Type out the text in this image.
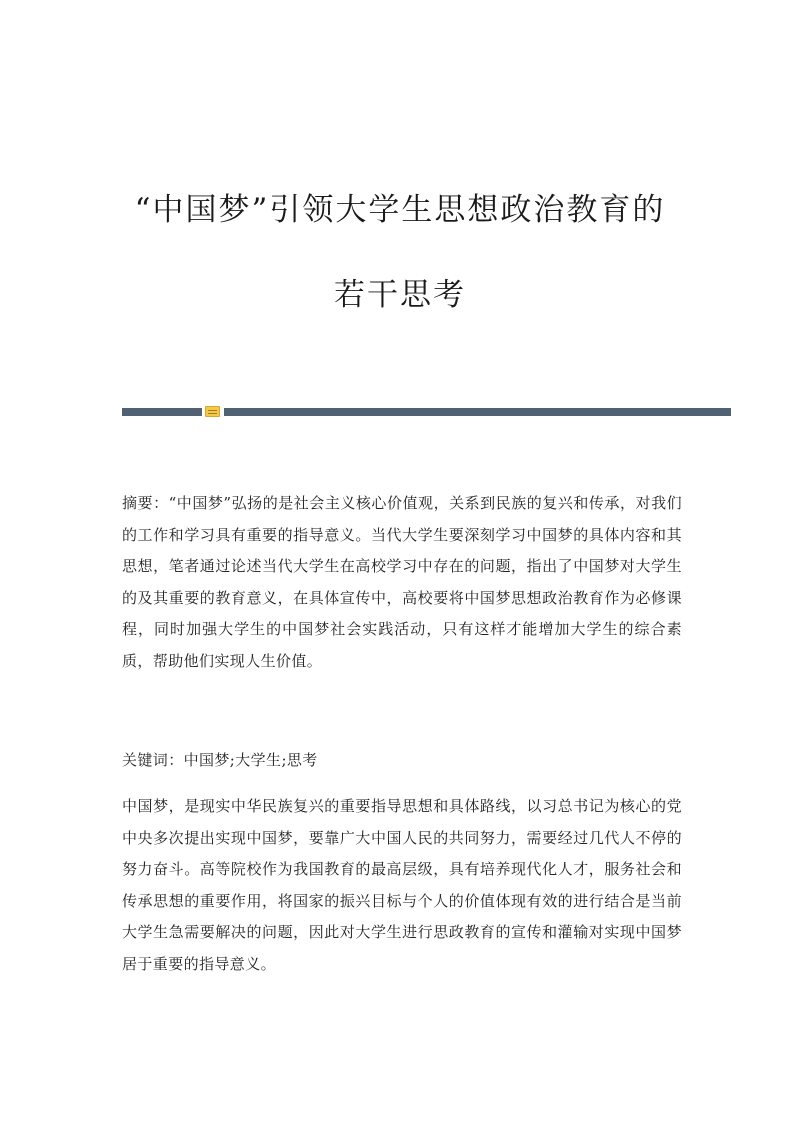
“中国梦”引领大学生思想政治教育的
若干思考
摘要：“中国梦”弘扬的是社会主义核心价值观，关系到民族的复兴和传承，对我们的工作和学习具有重要的指导意义。当代大学生要深刻学习中国梦的具体内容和其思想，笔者通过论述当代大学生在高校学习中存在的问题，指出了中国梦对大学生的及其重要的教育意义，在具体宣传中，高校要将中国梦思想政治教育作为必修课程，同时加强大学生的中国梦社会实践活动，只有这样才能增加大学生的综合素质，帮助他们实现人生价值。
关键词：中国梦;大学生;思考
中国梦，是现实中华民族复兴的重要指导思想和具体路线，以习总书记为核心的党中央多次提出实现中国梦，要靠广大中国人民的共同努力，需要经过几代人不停的努力奋斗。高等院校作为我国教育的最高层级，具有培养现代化人才，服务社会和传承思想的重要作用，将国家的振兴目标与个人的价值体现有效的进行结合是当前大学生急需要解决的问题，因此对大学生进行思政教育的宣传和灌输对实现中国梦居于重要的指导意义。
